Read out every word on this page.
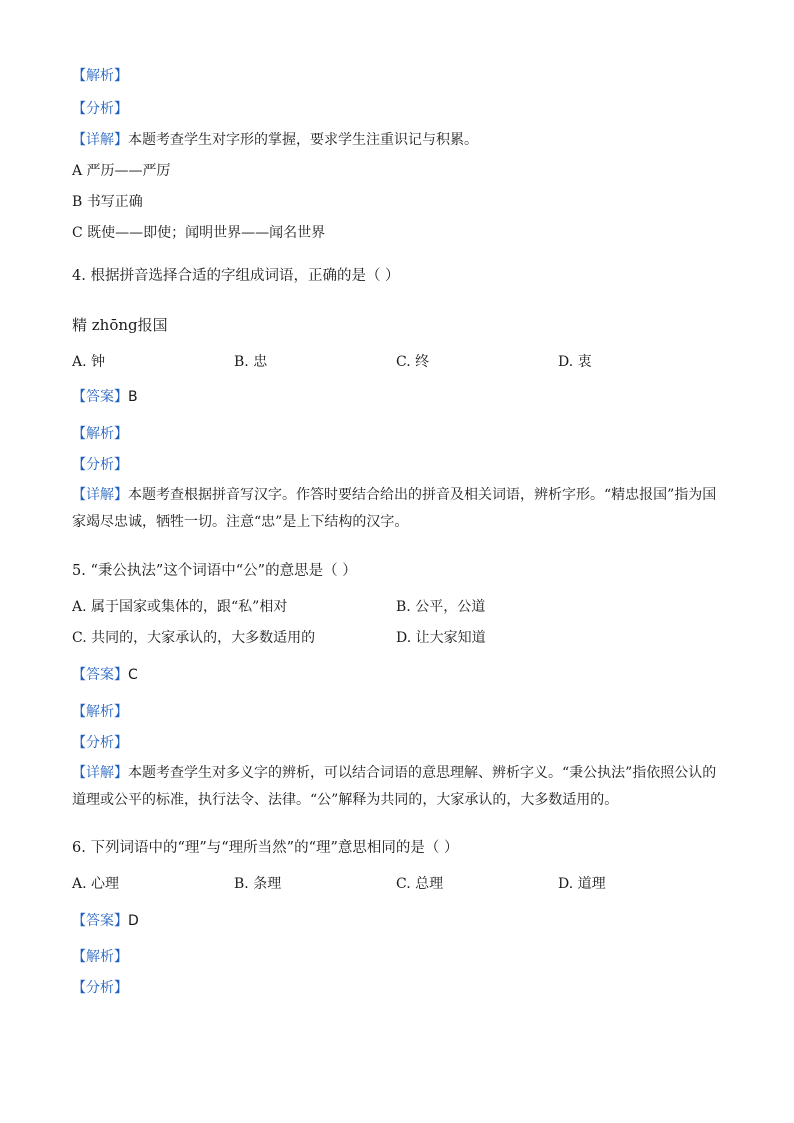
【解析】
【分析】
【详解】本题考查学生对字形的掌握，要求学生注重识记与积累。
A 严历——严厉
B 书写正确
C 既使——即使；闻明世界——闻名世界
4. 根据拼音选择合适的字组成词语，正确的是（ ）
精 zhōng报国
A. 钟	B. 忠	C. 终	D. 衷
【答案】B
【解析】
【分析】
【详解】本题考查根据拼音写汉字。作答时要结合给出的拼音及相关词语，辨析字形。“精忠报国”指为国家竭尽忠诚，牺牲一切。注意“忠”是上下结构的汉字。
5. “秉公执法”这个词语中“公”的意思是（ ）
A. 属于国家或集体的，跟“私”相对	B. 公平，公道
C. 共同的，大家承认的，大多数适用的	D. 让大家知道
【答案】C
【解析】
【分析】
【详解】本题考查学生对多义字的辨析，可以结合词语的意思理解、辨析字义。“秉公执法”指依照公认的道理或公平的标准，执行法令、法律。“公”解释为共同的，大家承认的，大多数适用的。
6. 下列词语中的“理”与“理所当然”的“理”意思相同的是（ ）
A. 心理	B. 条理	C. 总理	D. 道理
【答案】D
【解析】
【分析】
